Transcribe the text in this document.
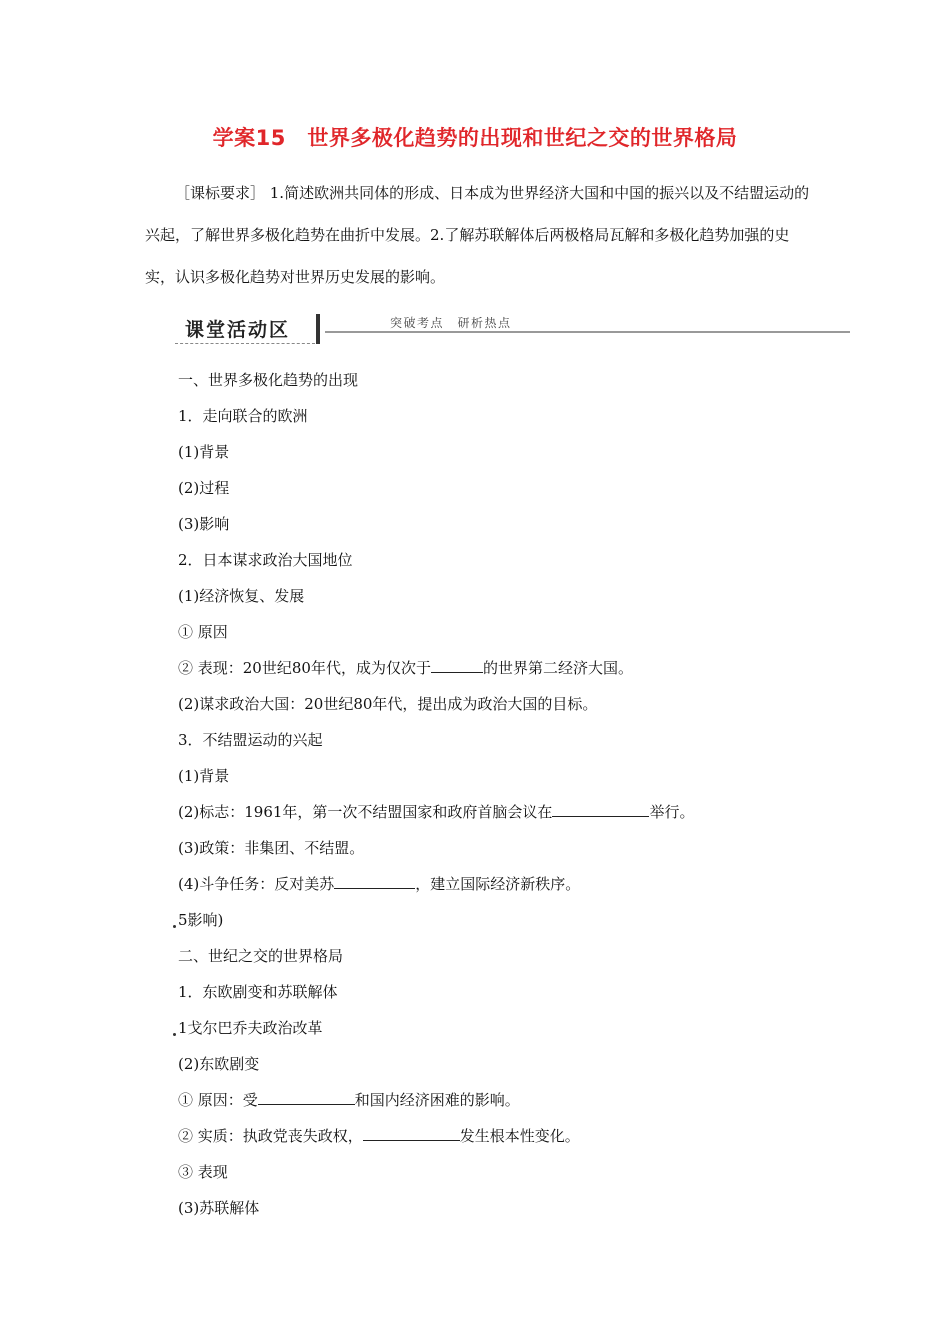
学案15　世界多极化趋势的出现和世纪之交的世界格局
［课标要求］ 1.简述欧洲共同体的形成、日本成为世界经济大国和中国的振兴以及不结盟运动的兴起，了解世界多极化趋势在曲折中发展。2.了解苏联解体后两极格局瓦解和多极化趋势加强的史实，认识多极化趋势对世界历史发展的影响。
课堂活动区	突破考点　研析热点
一、世界多极化趋势的出现
1．走向联合的欧洲
(1)背景
(2)过程
(3)影响
2．日本谋求政治大国地位
(1)经济恢复、发展
① 原因
② 表现：20世纪80年代，成为仅次于	的世界第二经济大国。
(2)谋求政治大国：20世纪80年代，提出成为政治大国的目标。
3．不结盟运动的兴起
(1)背景
(2)标志：1961年，第一次不结盟国家和政府首脑会议在	举行。
(3)政策：非集团、不结盟。
(4)斗争任务：反对美苏	，建立国际经济新秩序。
5影响)
二、世纪之交的世界格局
1．东欧剧变和苏联解体
1戈尔巴乔夫政治改革
(2)东欧剧变
① 原因：受	和国内经济困难的影响。
② 实质：执政党丧失政权，	发生根本性变化。
③ 表现
(3)苏联解体
